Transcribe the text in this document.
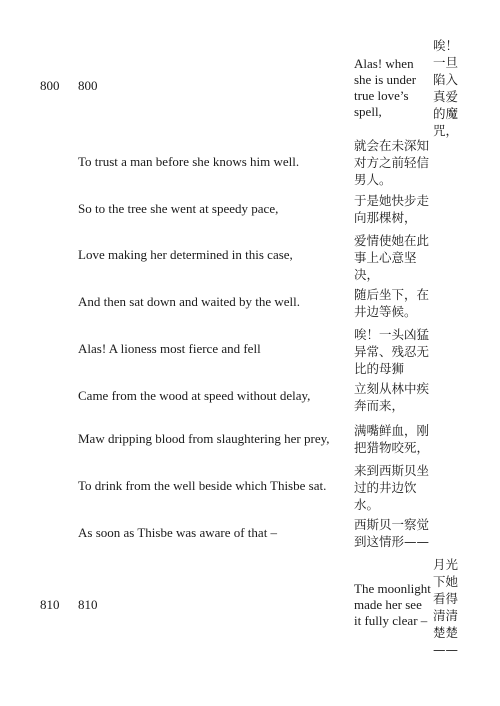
800 800
Alas! when she is under true love’s spell,
唉！一旦陷入真爱的魔咒，
To trust a man before she knows him well.
就会在未深知对方之前轻信男人。
So to the tree she went at speedy pace,
于是她快步走向那棵树，
Love making her determined in this case,
爱情使她在此事上心意坚决，
And then sat down and waited by the well.	随后坐下，在井边等候。
Alas! A lioness most fierce and fell
唉！一头凶猛异常、残忍无比的母狮
Came from the wood at speed without delay,	立刻从林中疾奔而来，
Maw dripping blood from slaughtering her prey,
满嘴鲜血，刚把猎物咬死，
To drink from the well beside which Thisbe sat.
来到西斯贝坐过的井边饮水。
As soon as Thisbe was aware of that –
西斯贝一察觉到这情形——
810 810
The moonlight made her see it fully clear –
月光下她看得清清楚楚——
